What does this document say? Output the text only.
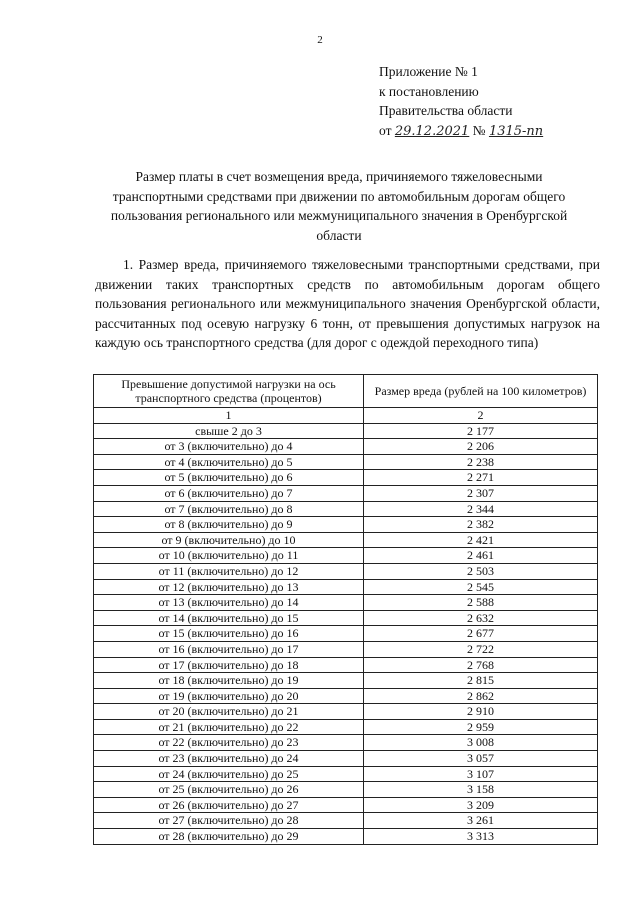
2
Приложение № 1
к постановлению
Правительства области
от 29.12.2021 № 1315-пп
Размер платы в счет возмещения вреда, причиняемого тяжеловесными транспортными средствами при движении по автомобильным дорогам общего пользования регионального или межмуниципального значения в Оренбургской области
1. Размер вреда, причиняемого тяжеловесными транспортными средствами, при движении таких транспортных средств по автомобильным дорогам общего пользования регионального или межмуниципального значения Оренбургской области, рассчитанных под осевую нагрузку 6 тонн, от превышения допустимых нагрузок на каждую ось транспортного средства (для дорог с одеждой переходного типа)
Превышение допустимой нагрузки на ось транспортного средства (процентов)	Размер вреда (рублей на 100 километров)
1	2
свыше 2 до 3	2 177
от 3 (включительно) до 4	2 206
от 4 (включительно) до 5	2 238
от 5 (включительно) до 6	2 271
от 6 (включительно) до 7	2 307
от 7 (включительно) до 8	2 344
от 8 (включительно) до 9	2 382
от 9 (включительно) до 10	2 421
от 10 (включительно) до 11	2 461
от 11 (включительно) до 12	2 503
от 12 (включительно) до 13	2 545
от 13 (включительно) до 14	2 588
от 14 (включительно) до 15	2 632
от 15 (включительно) до 16	2 677
от 16 (включительно) до 17	2 722
от 17 (включительно) до 18	2 768
от 18 (включительно) до 19	2 815
от 19 (включительно) до 20	2 862
от 20 (включительно) до 21	2 910
от 21 (включительно) до 22	2 959
от 22 (включительно) до 23	3 008
от 23 (включительно) до 24	3 057
от 24 (включительно) до 25	3 107
от 25 (включительно) до 26	3 158
от 26 (включительно) до 27	3 209
от 27 (включительно) до 28	3 261
от 28 (включительно) до 29	3 313
